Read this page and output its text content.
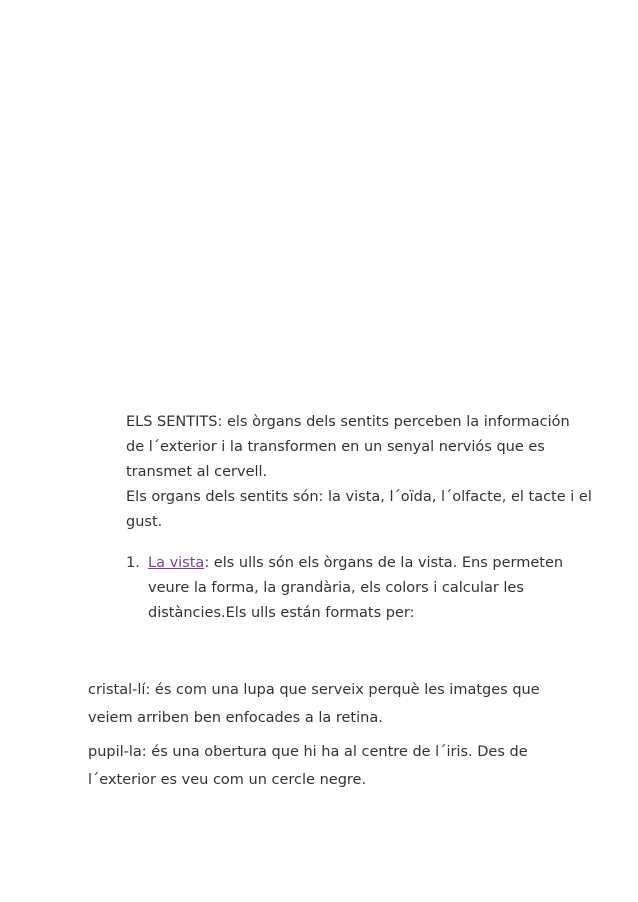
ELS SENTITS: els òrgans dels sentits perceben la información
de l´exterior i la transformen en un senyal nerviós que es
transmet al cervell.
Els organs dels sentits són: la vista, l´oïda, l´olfacte, el tacte i el
gust.
1. La vista: els ulls són els òrgans de la vista. Ens permeten
veure la forma, la grandària, els colors i calcular les
distàncies.Els ulls están formats per:
cristal-lí: és com una lupa que serveix perquè les imatges que
veiem arriben ben enfocades a la retina.
pupil-la: és una obertura que hi ha al centre de l´iris. Des de
l´exterior es veu com un cercle negre.
